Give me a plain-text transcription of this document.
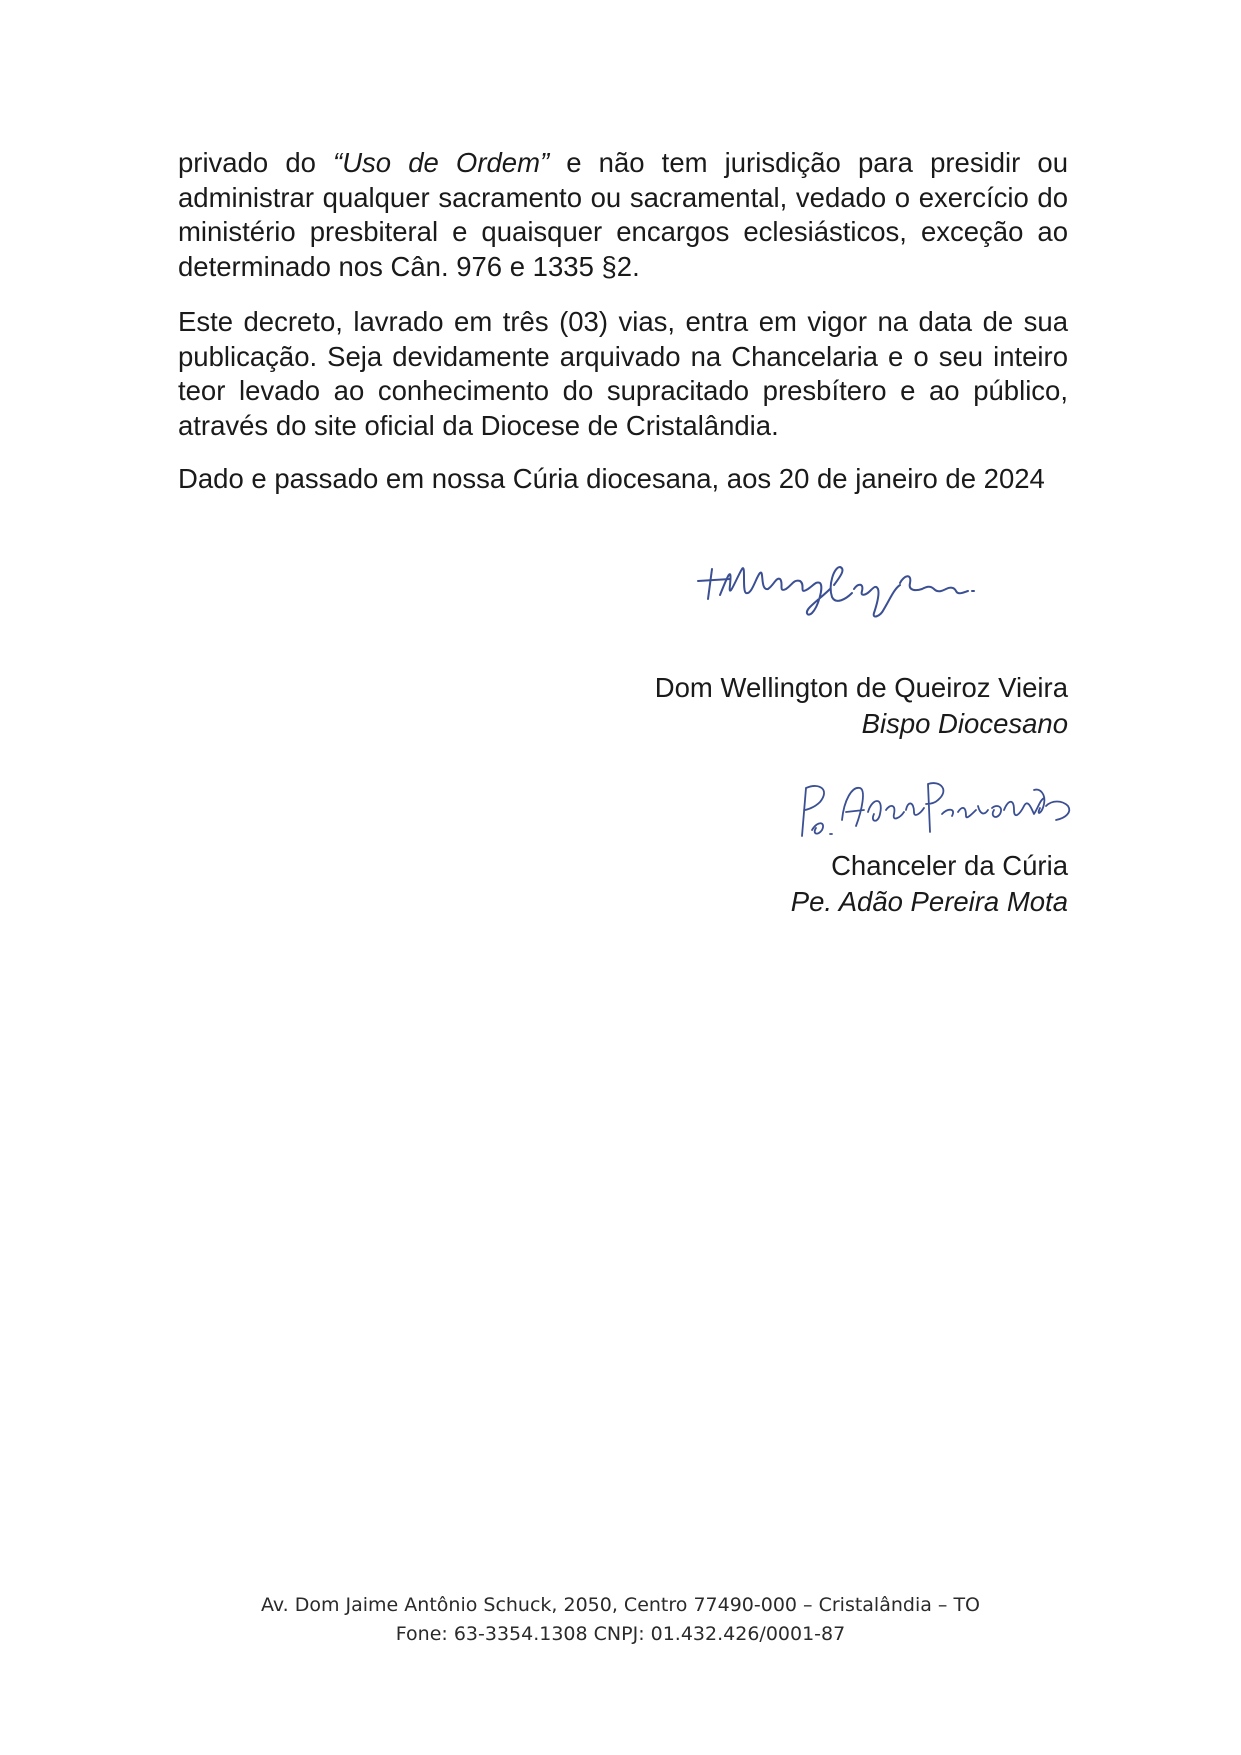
privado do “Uso de Ordem” e não tem jurisdição para presidir ou administrar qualquer sacramento ou sacramental, vedado o exercício do ministério presbiteral e quaisquer encargos eclesiásticos, exceção ao determinado nos Cân. 976 e 1335 §2.

Este decreto, lavrado em três (03) vias, entra em vigor na data de sua publicação. Seja devidamente arquivado na Chancelaria e o seu inteiro teor levado ao conhecimento do supracitado presbítero e ao público, através do site oficial da Diocese de Cristalândia.

Dado e passado em nossa Cúria diocesana, aos 20 de janeiro de 2024

Dom Wellington de Queiroz Vieira
Bispo Diocesano
Chanceler da Cúria
Pe. Adão Pereira Mota
Av. Dom Jaime Antônio Schuck, 2050, Centro 77490-000 – Cristalândia – TO
Fone: 63-3354.1308 CNPJ: 01.432.426/0001-87
